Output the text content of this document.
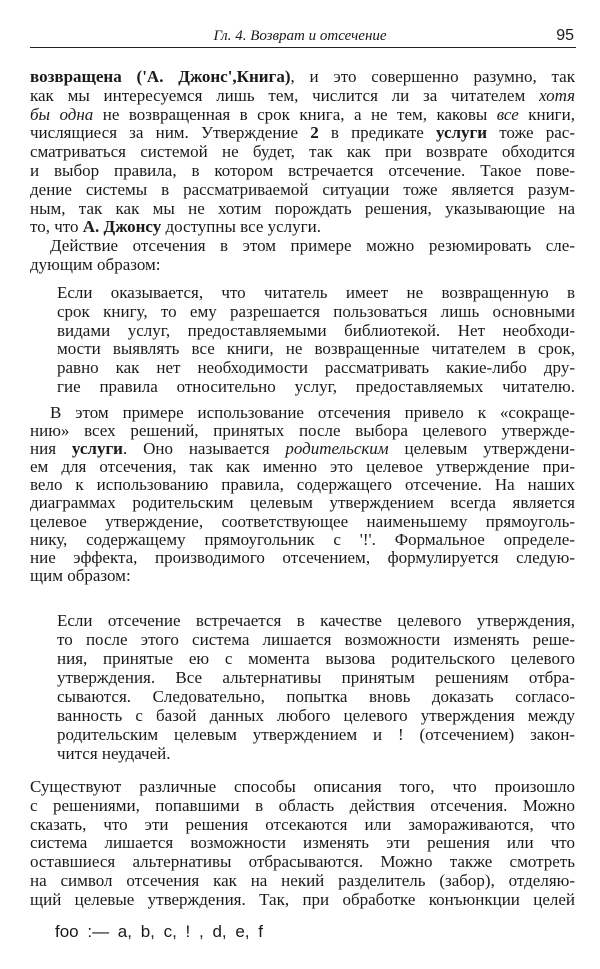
Гл. 4. Возврат и отсечение	95
возвращена ('А. Джонс',Книга), и это совершенно разумно, так
как мы интересуемся лишь тем, числится ли за читателем хотя
бы одна не возвращенная в срок книга, а не тем, каковы все книги,
числящиеся за ним. Утверждение 2 в предикате услуги тоже рас-
сматриваться системой не будет, так как при возврате обходится
и выбор правила, в котором встречается отсечение. Такое пове-
дение системы в рассматриваемой ситуации тоже является разум-
ным, так как мы не хотим порождать решения, указывающие на
то, что А. Джонсу доступны все услуги.
Действие отсечения в этом примере можно резюмировать сле-
дующим образом:
Если оказывается, что читатель имеет не возвращенную в
срок книгу, то ему разрешается пользоваться лишь основными
видами услуг, предоставляемыми библиотекой. Нет необходи-
мости выявлять все книги, не возвращенные читателем в срок,
равно как нет необходимости рассматривать какие-либо дру-
гие правила относительно услуг, предоставляемых читателю.
В этом примере использование отсечения привело к «сокраще-
нию» всех решений, принятых после выбора целевого утвержде-
ния услуги. Оно называется родительским целевым утверждени-
ем для отсечения, так как именно это целевое утверждение при-
вело к использованию правила, содержащего отсечение. На наших
диаграммах родительским целевым утверждением всегда является
целевое утверждение, соответствующее наименьшему прямоуголь-
нику, содержащему прямоугольник с '!'. Формальное определе-
ние эффекта, производимого отсечением, формулируется следую-
щим образом:
Если отсечение встречается в качестве целевого утверждения,
то после этого система лишается возможности изменять реше-
ния, принятые ею с момента вызова родительского целевого
утверждения. Все альтернативы принятым решениям отбра-
сываются. Следовательно, попытка вновь доказать согласо-
ванность с базой данных любого целевого утверждения между
родительским целевым утверждением и ! (отсечением) закон-
чится неудачей.
Существуют различные способы описания того, что произошло
с решениями, попавшими в область действия отсечения. Можно
сказать, что эти решения отсекаются или замораживаются, что
система лишается возможности изменять эти решения или что
оставшиеся альтернативы отбрасываются. Можно также смотреть
на символ отсечения как на некий разделитель (забор), отделяю-
щий целевые утверждения. Так, при обработке конъюнкции целей
foo :— a, b, c, ! , d, e, f
